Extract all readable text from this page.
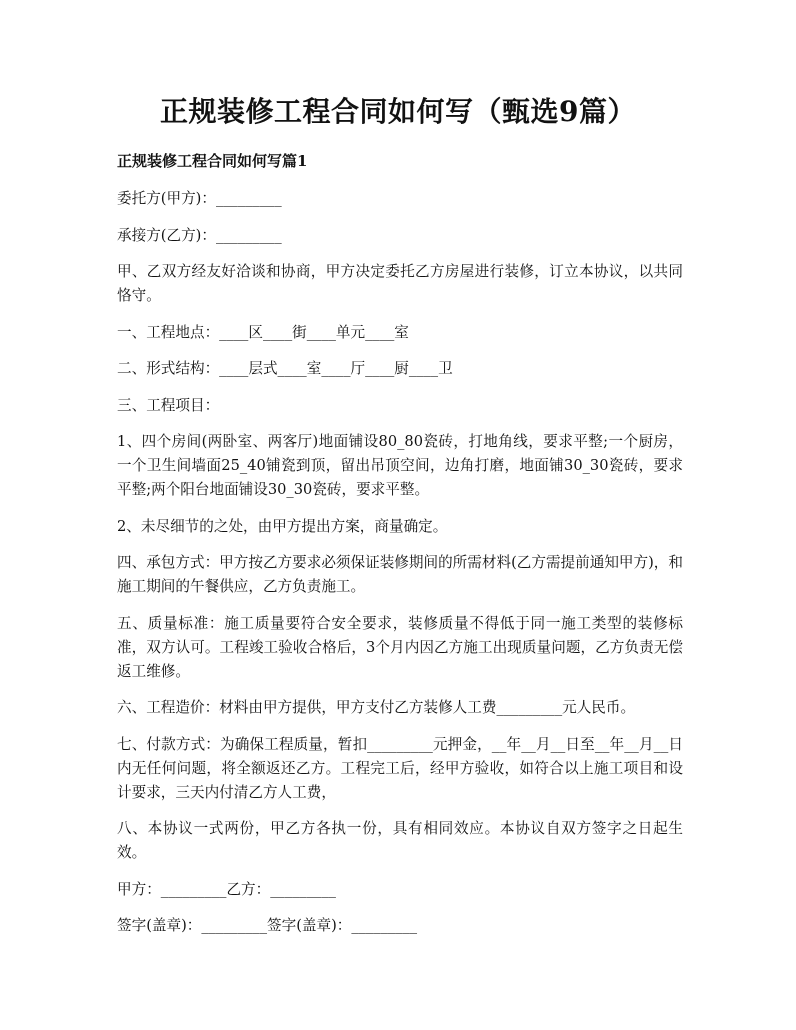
正规装修工程合同如何写（甄选9篇）
正规装修工程合同如何写篇1

委托方(甲方)：_________

承接方(乙方)：_________

甲、乙双方经友好洽谈和协商，甲方决定委托乙方房屋进行装修，订立本协议，以共同恪守。

一、工程地点：____区____街____单元____室

二、形式结构：____层式____室____厅____厨____卫

三、工程项目：

1、四个房间(两卧室、两客厅)地面铺设80_80瓷砖，打地角线，要求平整;一个厨房，一个卫生间墙面25_40铺瓷到顶，留出吊顶空间，边角打磨，地面铺30_30瓷砖，要求平整;两个阳台地面铺设30_30瓷砖，要求平整。

2、未尽细节的之处，由甲方提出方案，商量确定。

四、承包方式：甲方按乙方要求必须保证装修期间的所需材料(乙方需提前通知甲方)，和施工期间的午餐供应，乙方负责施工。

五、质量标准：施工质量要符合安全要求，装修质量不得低于同一施工类型的装修标准，双方认可。工程竣工验收合格后，3个月内因乙方施工出现质量问题，乙方负责无偿返工维修。

六、工程造价：材料由甲方提供，甲方支付乙方装修人工费_________元人民币。

七、付款方式：为确保工程质量，暂扣_________元押金，__年__月__日至__年__月__日内无任何问题，将全额返还乙方。工程完工后，经甲方验收，如符合以上施工项目和设计要求，三天内付清乙方人工费，

八、本协议一式两份，甲乙方各执一份，具有相同效应。本协议自双方签字之日起生效。

甲方：_________乙方：_________

签字(盖章)：_________签字(盖章)：_________
